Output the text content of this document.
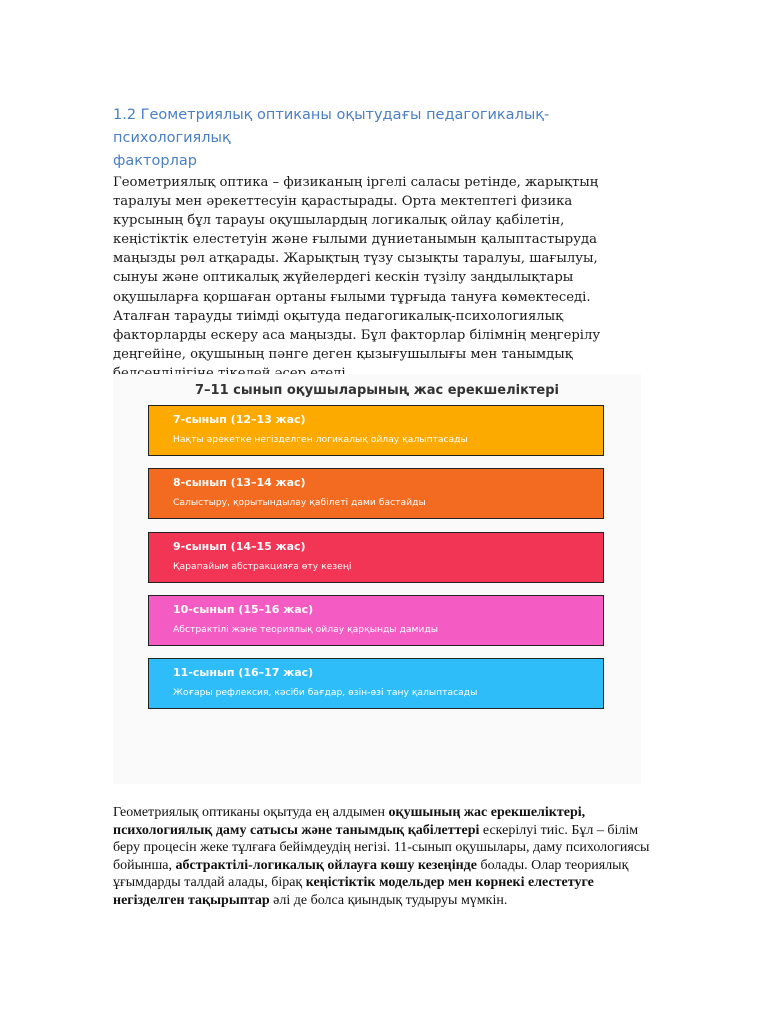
1.2 Геометриялық оптиканы оқытудағы педагогикалық-психологиялық
факторлар

Геометриялық оптика – физиканың іргелі саласы ретінде, жарықтың
таралуы мен әрекеттесуін қарастырады. Орта мектептегі физика
курсының бұл тарауы оқушылардың логикалық ойлау қабілетін,
кеңістіктік елестетуін және ғылыми дүниетанымын қалыптастыруда
маңызды рөл атқарады. Жарықтың түзу сызықты таралуы, шағылуы,
сынуы және оптикалық жүйелердегі кескін түзілу заңдылықтары
оқушыларға қоршаған ортаны ғылыми тұрғыда тануға көмектеседі.
Аталған тарауды тиімді оқытуда педагогикалық-психологиялық
факторларды ескеру аса маңызды. Бұл факторлар білімнің меңгерілу
деңгейіне, оқушының пәнге деген қызығушылығы мен танымдық

7–11 сынып оқушыларының жас ерекшеліктері
7-сынып (12–13 жас)
Нақты әрекетке негізделген логикалық ойлау қалыптасады
8-сынып (13–14 жас)
Салыстыру, қорытындылау қабілеті дами бастайды
9-сынып (14–15 жас)
Қарапайым абстракцияға өту кезеңі
10-сынып (15–16 жас)
Абстрактілі және теориялық ойлау қарқынды дамиды
11-сынып (16–17 жас)
Жоғары рефлексия, кәсіби бағдар, өзін-өзі тану қалыптасады

Геометриялық оптиканы оқытуда ең алдымен оқушының жас ерекшеліктері, психологиялық даму сатысы және танымдық қабілеттері ескерілуі тиіс. Бұл – білім беру процесін жеке тұлғаға бейімдеудің негізі. 11-сынып оқушылары, даму психологиясы бойынша, абстрактілі-логикалық ойлауға көшу кезеңінде болады. Олар теориялық ұғымдарды талдай алады, бірақ кеңістіктік модельдер мен көрнекі елестетуге негізделген тақырыптар әлі де болса қиындық тудыруы мүмкін.
